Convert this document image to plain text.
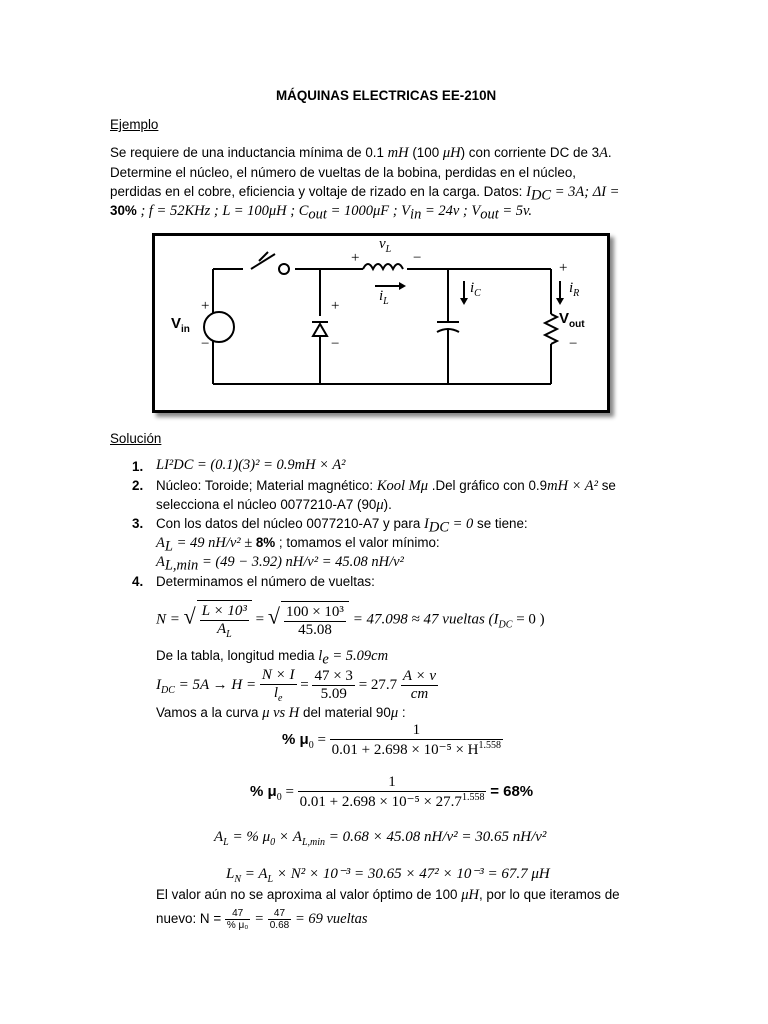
MÁQUINAS ELECTRICAS EE-210N
Ejemplo
Se requiere de una inductancia mínima de 0.1 mH (100 μH) con corriente DC de 3A.
Determine el núcleo, el número de vueltas de la bobina, perdidas en el núcleo,
perdidas en el cobre, eficiencia y voltaje de rizado en la carga. Datos: $I_{DC} = 3A$; ΔI =
30% ; f = 52KHz ; L = 100μH ; $C_{out} = 1000\mu F$ ; $V_{in} = 24v$ ; $V_{out} = 5v$.
$V_{in}$
+
−
+
−
+	−
$v_L$
$i_L$
$i_C$	$i_R$
+
$V_{out}$
−
Solución
1. LI²DC = (0.1)(3)² = 0.9mH × A²
2. Núcleo: Toroide; Material magnético: Kool Mμ .Del gráfico con 0.9mH × A² se
selecciona el núcleo 0077210-A7 (90μ).
3. Con los datos del núcleo 0077210-A7 y para $I_{DC} = 0$ se tiene:
$A_L = 49$ nH/v² ± 8% ; tomamos el valor mínimo:
$A_{L,min} = (49 - 3.92) nH/v^2 = 45.08$ nH/v²
4. Determinamos el número de vueltas:
N = √ $\frac{\text{L × 10³}}{A_L}$ = √ $\frac{\text{100 × 10³}}{45.08} = 47.098 \approx 47$ vueltas ($I_{DC} = 0$ )
De la tabla, longitud media $l_e = 5.09cm$
$I_{DC} = 5A \to H = \frac{N \times I}{l_e} = \frac{47 \times 3}{5.09} = 27.7 \frac{A \times v}{cm}$
Vamos a la curva μ vs H del material 90μ :
% $\mu_0 = \frac{1}{0.01 + 2.698 \times 10^{-5} \times H^{1.558}}$
% $\mu_0 = \frac{1}{0.01 + 2.698 \times 10^{-5} \times 27.7^{1.558}} = 68\%$
$A_L$ = % $\mu_0 \times A_{L,min} = 0.68 \times 45.08$ nH/v² = 30.65 nH/v²
$L_N = A_L \times N^2 \times 10^{-3} = 30.65 \times 47^2 \times 10^{-3} = 67.7$ μH
El valor aún no se aproxima al valor óptimo de 100 μH, por lo que iteramos de
nuevo: $N = \frac{47}{\text{\% μ₀}} = \frac{47}{0.68} = 69$ vueltas
